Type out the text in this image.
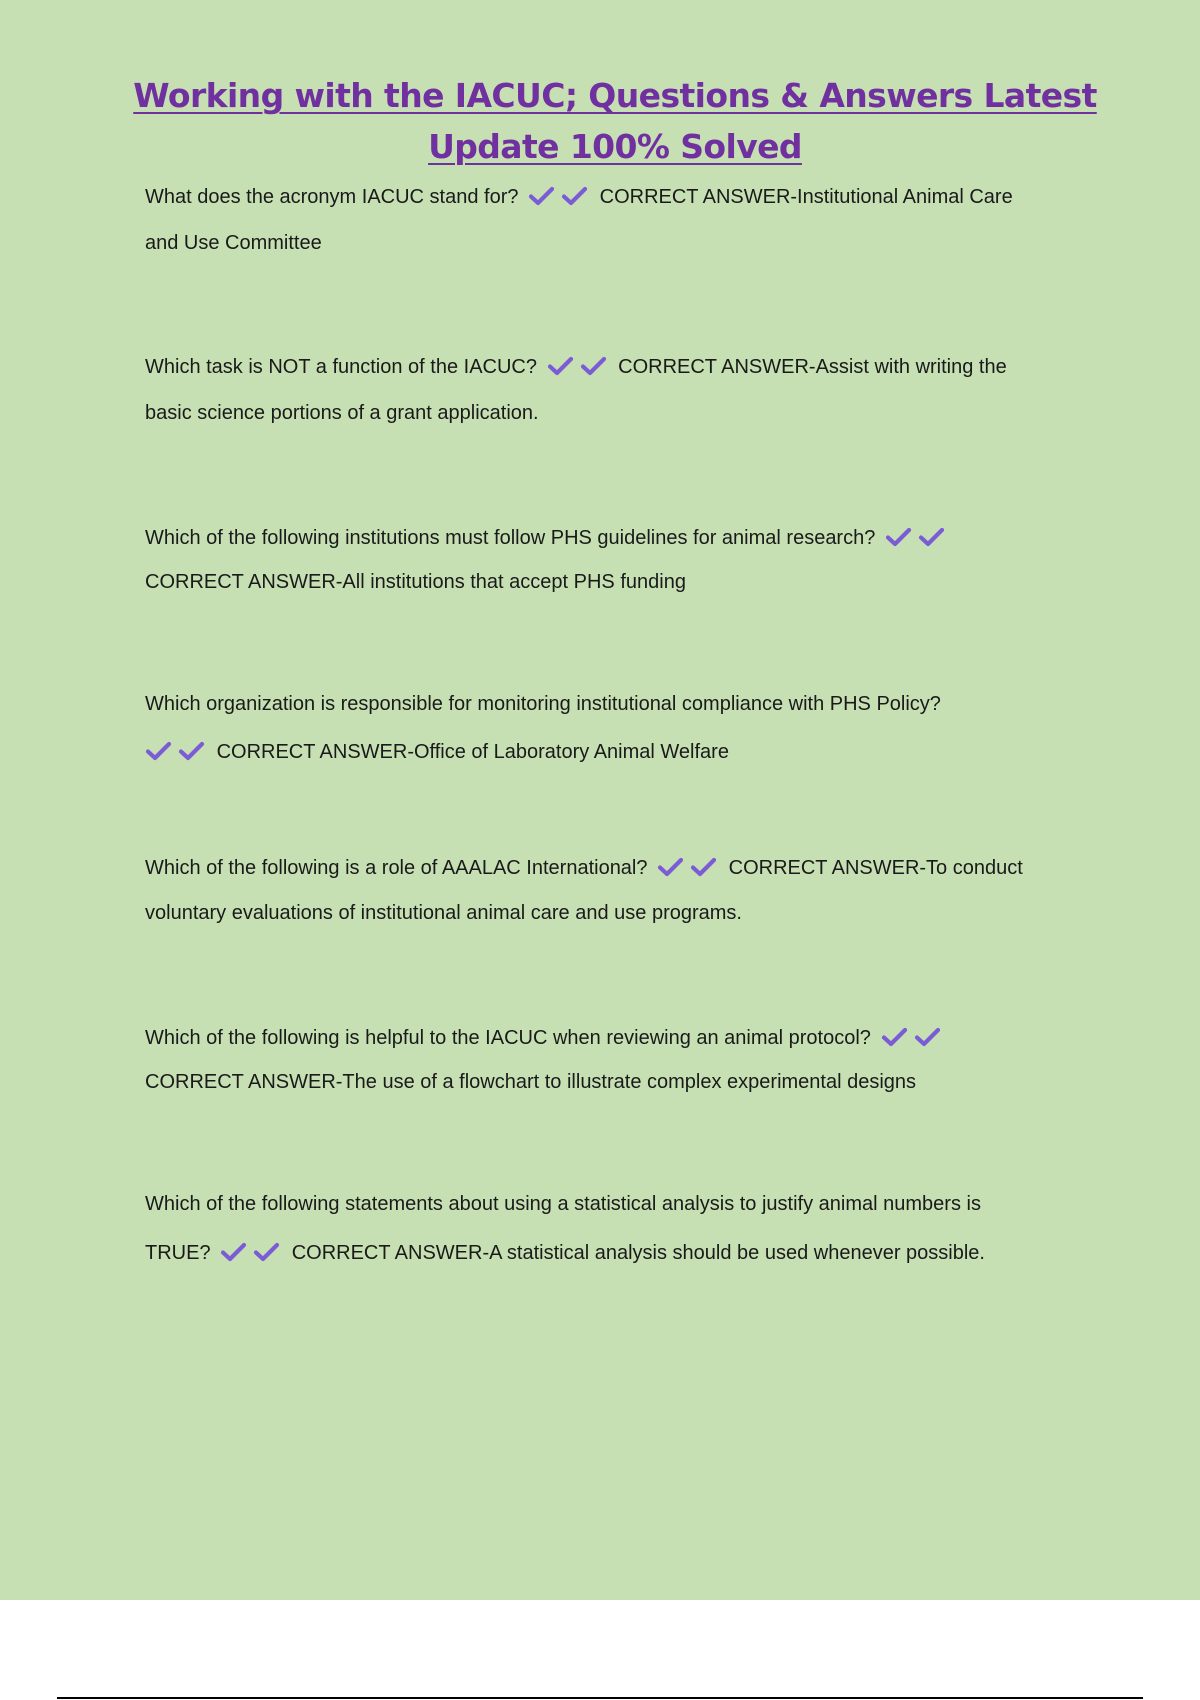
Working with the IACUC; Questions & Answers Latest
Update 100% Solved
What does the acronym IACUC stand for?	CORRECT ANSWER-Institutional Animal Care
and Use Committee
Which task is NOT a function of the IACUC?	CORRECT ANSWER-Assist with writing the
basic science portions of a grant application.
Which of the following institutions must follow PHS guidelines for animal research?
CORRECT ANSWER-All institutions that accept PHS funding
Which organization is responsible for monitoring institutional compliance with PHS Policy?
CORRECT ANSWER-Office of Laboratory Animal Welfare
Which of the following is a role of AAALAC International?	CORRECT ANSWER-To conduct
voluntary evaluations of institutional animal care and use programs.
Which of the following is helpful to the IACUC when reviewing an animal protocol?
CORRECT ANSWER-The use of a flowchart to illustrate complex experimental designs
Which of the following statements about using a statistical analysis to justify animal numbers is
TRUE?	CORRECT ANSWER-A statistical analysis should be used whenever possible.
